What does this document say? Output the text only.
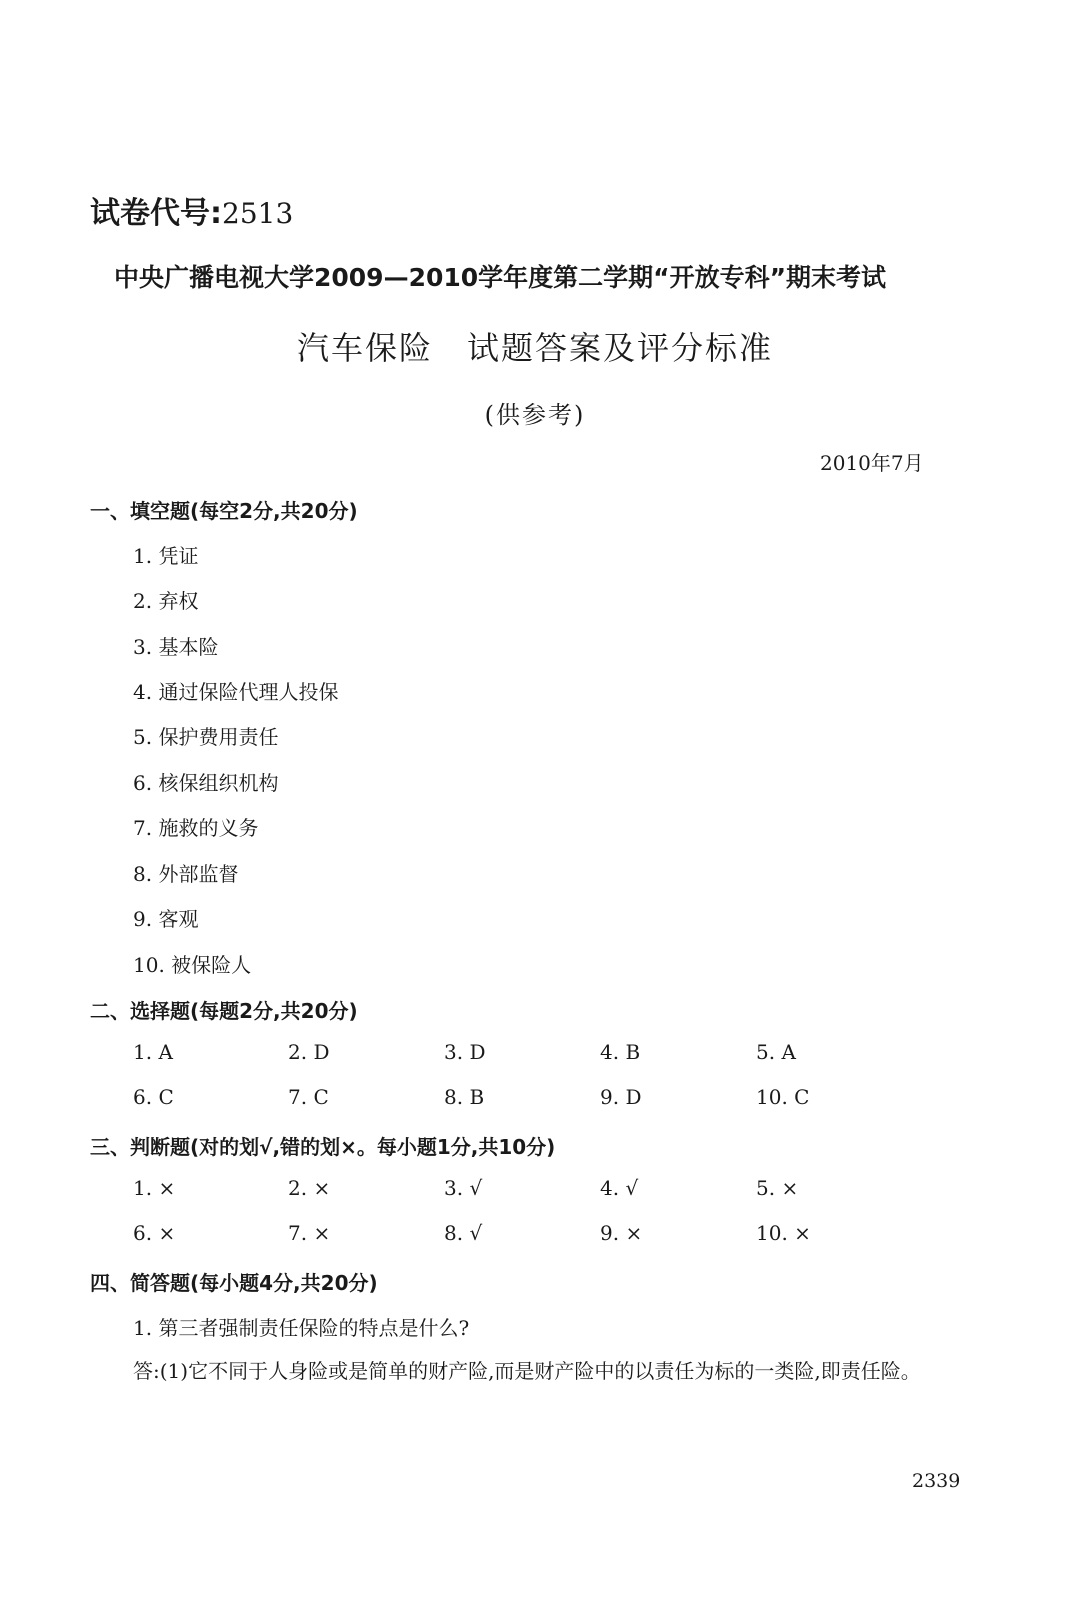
试卷代号:2513
中央广播电视大学2009—2010学年度第二学期“开放专科”期末考试
汽车保险　试题答案及评分标准
(供参考)
2010年7月
一、填空题(每空2分,共20分)
1. 凭证
2. 弃权
3. 基本险
4. 通过保险代理人投保
5. 保护费用责任
6. 核保组织机构
7. 施救的义务
8. 外部监督
9. 客观
10. 被保险人
二、选择题(每题2分,共20分)
1. A	2. D	3. D	4. B	5. A
6. C	7. C	8. B	9. D	10. C
三、判断题(对的划√,错的划×。每小题1分,共10分)
1. ×	2. ×	3. √	4. √	5. ×
6. ×	7. ×	8. √	9. ×	10. ×
四、简答题(每小题4分,共20分)
1. 第三者强制责任保险的特点是什么?
答:(1)它不同于人身险或是简单的财产险,而是财产险中的以责任为标的一类险,即责任险。
2339
